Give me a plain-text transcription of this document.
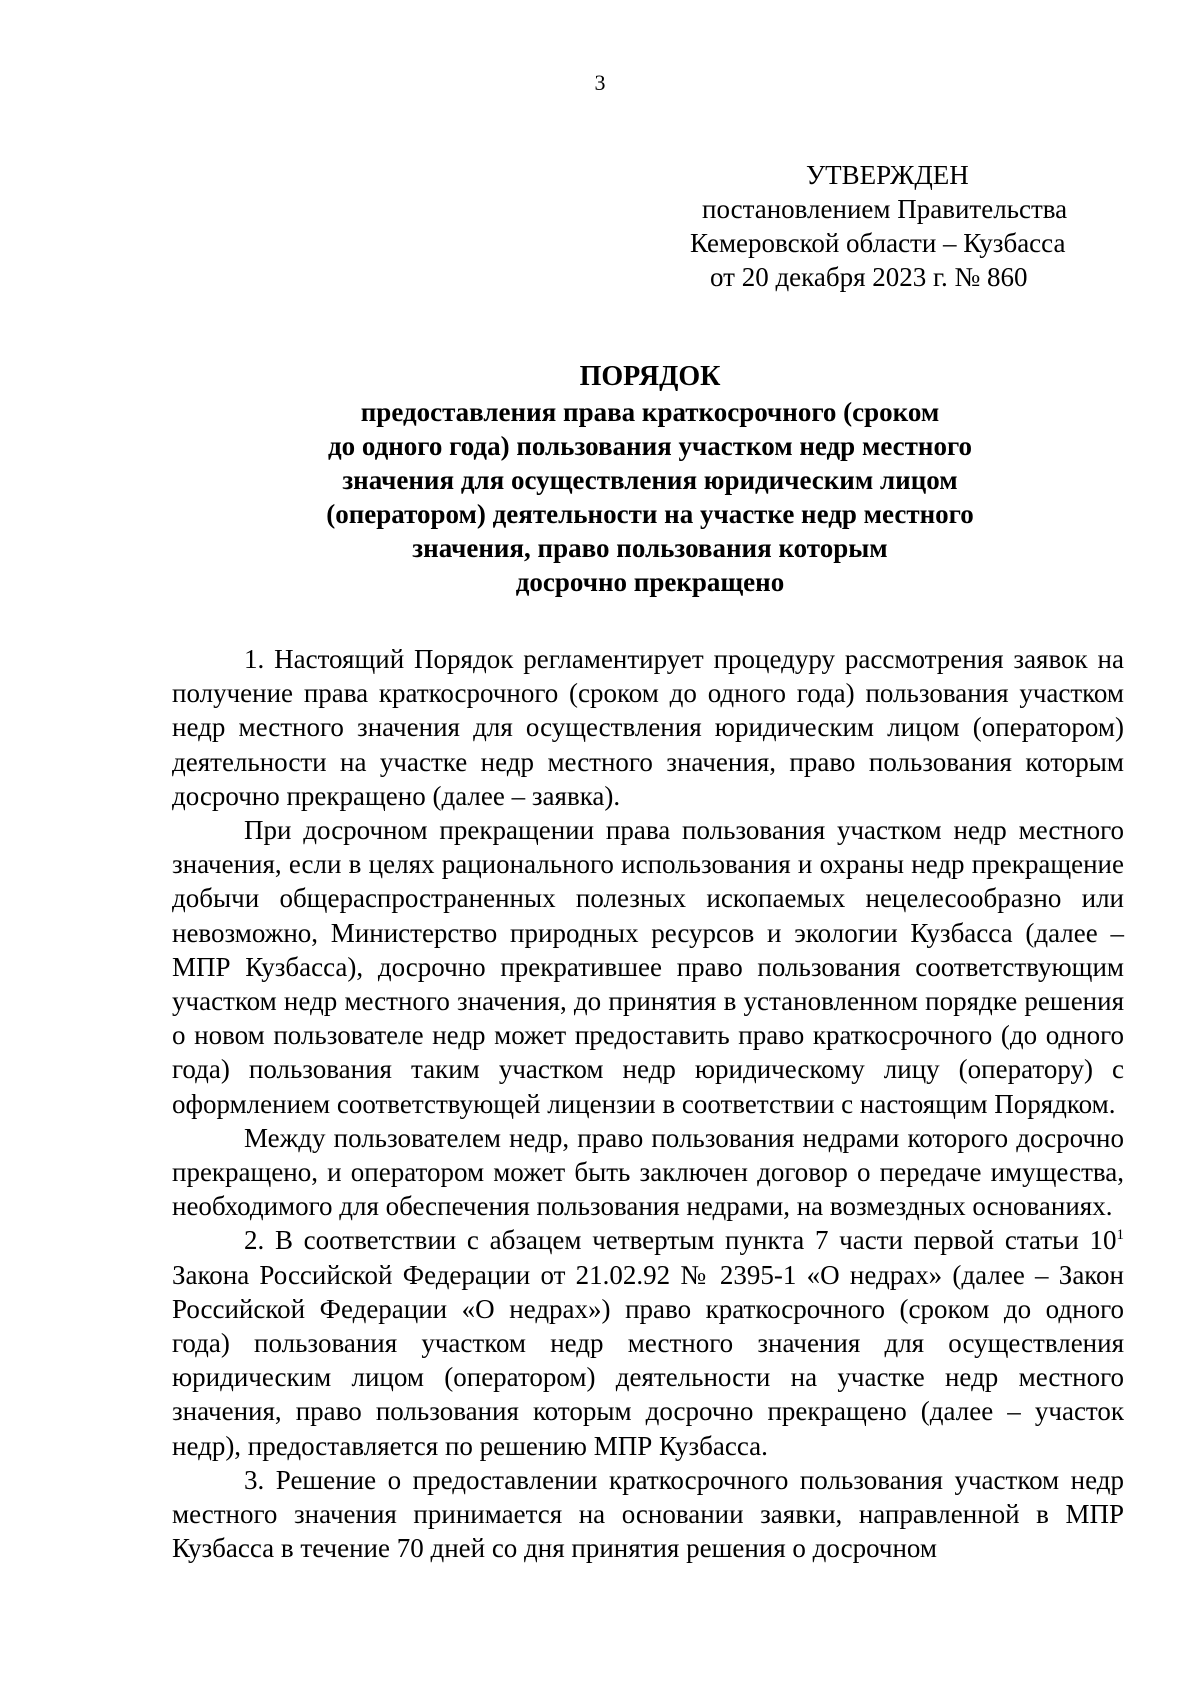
3
УТВЕРЖДЕН
постановлением Правительства
Кемеровской области – Кузбасса
от 20 декабря 2023 г. № 860
ПОРЯДОК
предоставления права краткосрочного (сроком
до одного года) пользования участком недр местного
значения для осуществления юридическим лицом
(оператором) деятельности на участке недр местного
значения, право пользования которым
досрочно прекращено

1. Настоящий Порядок регламентирует процедуру рассмотрения заявок на получение права краткосрочного (сроком до одного года) пользования участком недр местного значения для осуществления юридическим лицом (оператором) деятельности на участке недр местного значения, право пользования которым досрочно прекращено (далее – заявка).

При досрочном прекращении права пользования участком недр местного значения, если в целях рационального использования и охраны недр прекращение добычи общераспространенных полезных ископаемых нецелесообразно или невозможно, Министерство природных ресурсов и экологии Кузбасса (далее – МПР Кузбасса), досрочно прекратившее право пользования соответствующим участком недр местного значения, до принятия в установленном порядке решения о новом пользователе недр может предоставить право краткосрочного (до одного года) пользования таким участком недр юридическому лицу (оператору) с оформлением соответствующей лицензии в соответствии с настоящим Порядком.

Между пользователем недр, право пользования недрами которого досрочно прекращено, и оператором может быть заключен договор о передаче имущества, необходимого для обеспечения пользования недрами, на возмездных основаниях.

2. В соответствии с абзацем четвертым пункта 7 части первой статьи $10^1$ Закона Российской Федерации от 21.02.92 № 2395-1 «О недрах» (далее – Закон Российской Федерации «О недрах») право краткосрочного (сроком до одного года) пользования участком недр местного значения для осуществления юридическим лицом (оператором) деятельности на участке недр местного значения, право пользования которым досрочно прекращено (далее – участок недр), предоставляется по решению МПР Кузбасса.

3. Решение о предоставлении краткосрочного пользования участком недр местного значения принимается на основании заявки, направленной в МПР Кузбасса в течение 70 дней со дня принятия решения о досрочном
